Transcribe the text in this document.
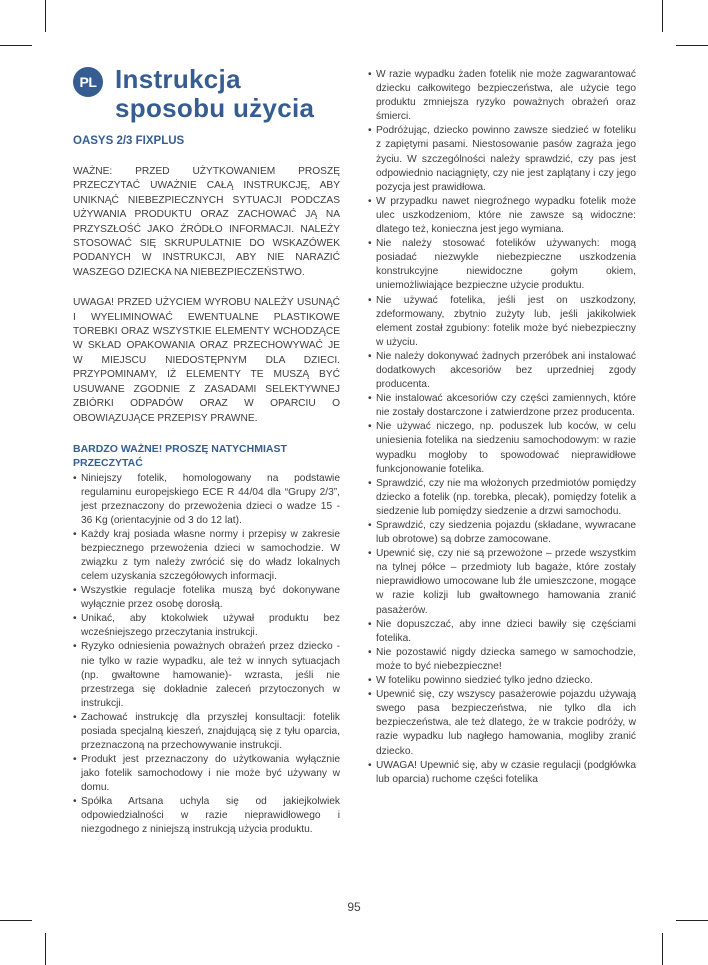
PL Instrukcja sposobu użycia
OASYS 2/3 FIXPLUS

WAŻNE: PRZED UŻYTKOWANIEM PROSZĘ PRZECZYTAĆ UWAŻNIE CAŁĄ INSTRUKCJĘ, ABY UNIKNĄĆ NIEBEZPIECZNYCH SYTUACJI PODCZAS UŻYWANIA PRODUKTU ORAZ ZACHOWAĆ JĄ NA PRZYSZŁOŚĆ JAKO ŹRÓDŁO INFORMACJI. NALEŻY STOSOWAĆ SIĘ SKRUPULATNIE DO WSKAZÓWEK PODANYCH W INSTRUKCJI, ABY NIE NARAZIĆ WASZEGO DZIECKA NA NIEBEZPIECZEŃSTWO.

UWAGA! PRZED UŻYCIEM WYROBU NALEŻY USUNĄĆ I WYELIMINOWAĆ EWENTUALNE PLASTIKOWE TOREBKI ORAZ WSZYSTKIE ELEMENTY WCHODZĄCE W SKŁAD OPAKOWANIA ORAZ PRZECHOWYWAĆ JE W MIEJSCU NIEDOSTĘPNYM DLA DZIECI. PRZYPOMINAMY, IŻ ELEMENTY TE MUSZĄ BYĆ USUWANE ZGODNIE Z ZASADAMI SELEKTYWNEJ ZBIÓRKI ODPADÓW ORAZ W OPARCIU O OBOWIĄZUJĄCE PRZEPISY PRAWNE.

BARDZO WAŻNE! PROSZĘ NATYCHMIAST PRZECZYTAĆ
• Niniejszy fotelik, homologowany na podstawie regulaminu europejskiego ECE R 44/04 dla “Grupy 2/3”, jest przeznaczony do przewożenia dzieci o wadze 15 - 36 Kg (orientacyjnie od 3 do 12 lat).
• Każdy kraj posiada własne normy i przepisy w zakresie bezpiecznego przewożenia dzieci w samochodzie. W związku z tym należy zwrócić się do władz lokalnych celem uzyskania szczegółowych informacji.
• Wszystkie regulacje fotelika muszą być dokonywane wyłącznie przez osobę dorosłą.
• Unikać, aby ktokolwiek używał produktu bez wcześniejszego przeczytania instrukcji.
• Ryzyko odniesienia poważnych obrażeń przez dziecko - nie tylko w razie wypadku, ale też w innych sytuacjach (np. gwałtowne hamowanie)- wzrasta, jeśli nie przestrzega się dokładnie zaleceń przytoczonych w instrukcji.
• Zachować instrukcję dla przyszłej konsultacji: fotelik posiada specjalną kieszeń, znajdującą się z tyłu oparcia, przeznaczoną na przechowywanie instrukcji.
• Produkt jest przeznaczony do użytkowania wyłącznie jako fotelik samochodowy i nie może być używany w domu.
• Spółka Artsana uchyla się od jakiejkolwiek odpowiedzialności w razie nieprawidłowego i niezgodnego z niniejszą instrukcją użycia produktu.
• W razie wypadku żaden fotelik nie może zagwarantować dziecku całkowitego bezpieczeństwa, ale użycie tego produktu zmniejsza ryzyko poważnych obrażeń oraz śmierci.
• Podróżując, dziecko powinno zawsze siedzieć w foteliku z zapiętymi pasami. Niestosowanie pasów zagraża jego życiu. W szczególności należy sprawdzić, czy pas jest odpowiednio naciągnięty, czy nie jest zaplątany i czy jego pozycja jest prawidłowa.
• W przypadku nawet niegroźnego wypadku fotelik może ulec uszkodzeniom, które nie zawsze są widoczne: dlatego też, konieczna jest jego wymiana.
• Nie należy stosować fotelików używanych: mogą posiadać niezwykle niebezpieczne uszkodzenia konstrukcyjne niewidoczne gołym okiem, uniemożliwiające bezpieczne użycie produktu.
• Nie używać fotelika, jeśli jest on uszkodzony, zdeformowany, zbytnio zużyty lub, jeśli jakikolwiek element został zgubiony: fotelik może być niebezpieczny w użyciu.
• Nie należy dokonywać żadnych przeróbek ani instalować dodatkowych akcesoriów bez uprzedniej zgody producenta.
• Nie instalować akcesoriów czy części zamiennych, które nie zostały dostarczone i zatwierdzone przez producenta.
• Nie używać niczego, np. poduszek lub koców, w celu uniesienia fotelika na siedzeniu samochodowym: w razie wypadku mogłoby to spowodować nieprawidłowe funkcjonowanie fotelika.
• Sprawdzić, czy nie ma włożonych przedmiotów pomiędzy dziecko a fotelik (np. torebka, plecak), pomiędzy fotelik a siedzenie lub pomiędzy siedzenie a drzwi samochodu.
• Sprawdzić, czy siedzenia pojazdu (składane, wywracane lub obrotowe) są dobrze zamocowane.
• Upewnić się, czy nie są przewożone – przede wszystkim na tylnej półce – przedmioty lub bagaże, które zostały nieprawidłowo umocowane lub źle umieszczone, mogące w razie kolizji lub gwałtownego hamowania zranić pasażerów.
• Nie dopuszczać, aby inne dzieci bawiły się częściami fotelika.
• Nie pozostawić nigdy dziecka samego w samochodzie, może to być niebezpieczne!
• W foteliku powinno siedzieć tylko jedno dziecko.
• Upewnić się, czy wszyscy pasażerowie pojazdu używają swego pasa bezpieczeństwa, nie tylko dla ich bezpieczeństwa, ale też dlatego, że w trakcie podróży, w razie wypadku lub nagłego hamowania, mogliby zranić dziecko.
• UWAGA! Upewnić się, aby w czasie regulacji (podgłówka lub oparcia) ruchome części fotelika
95
